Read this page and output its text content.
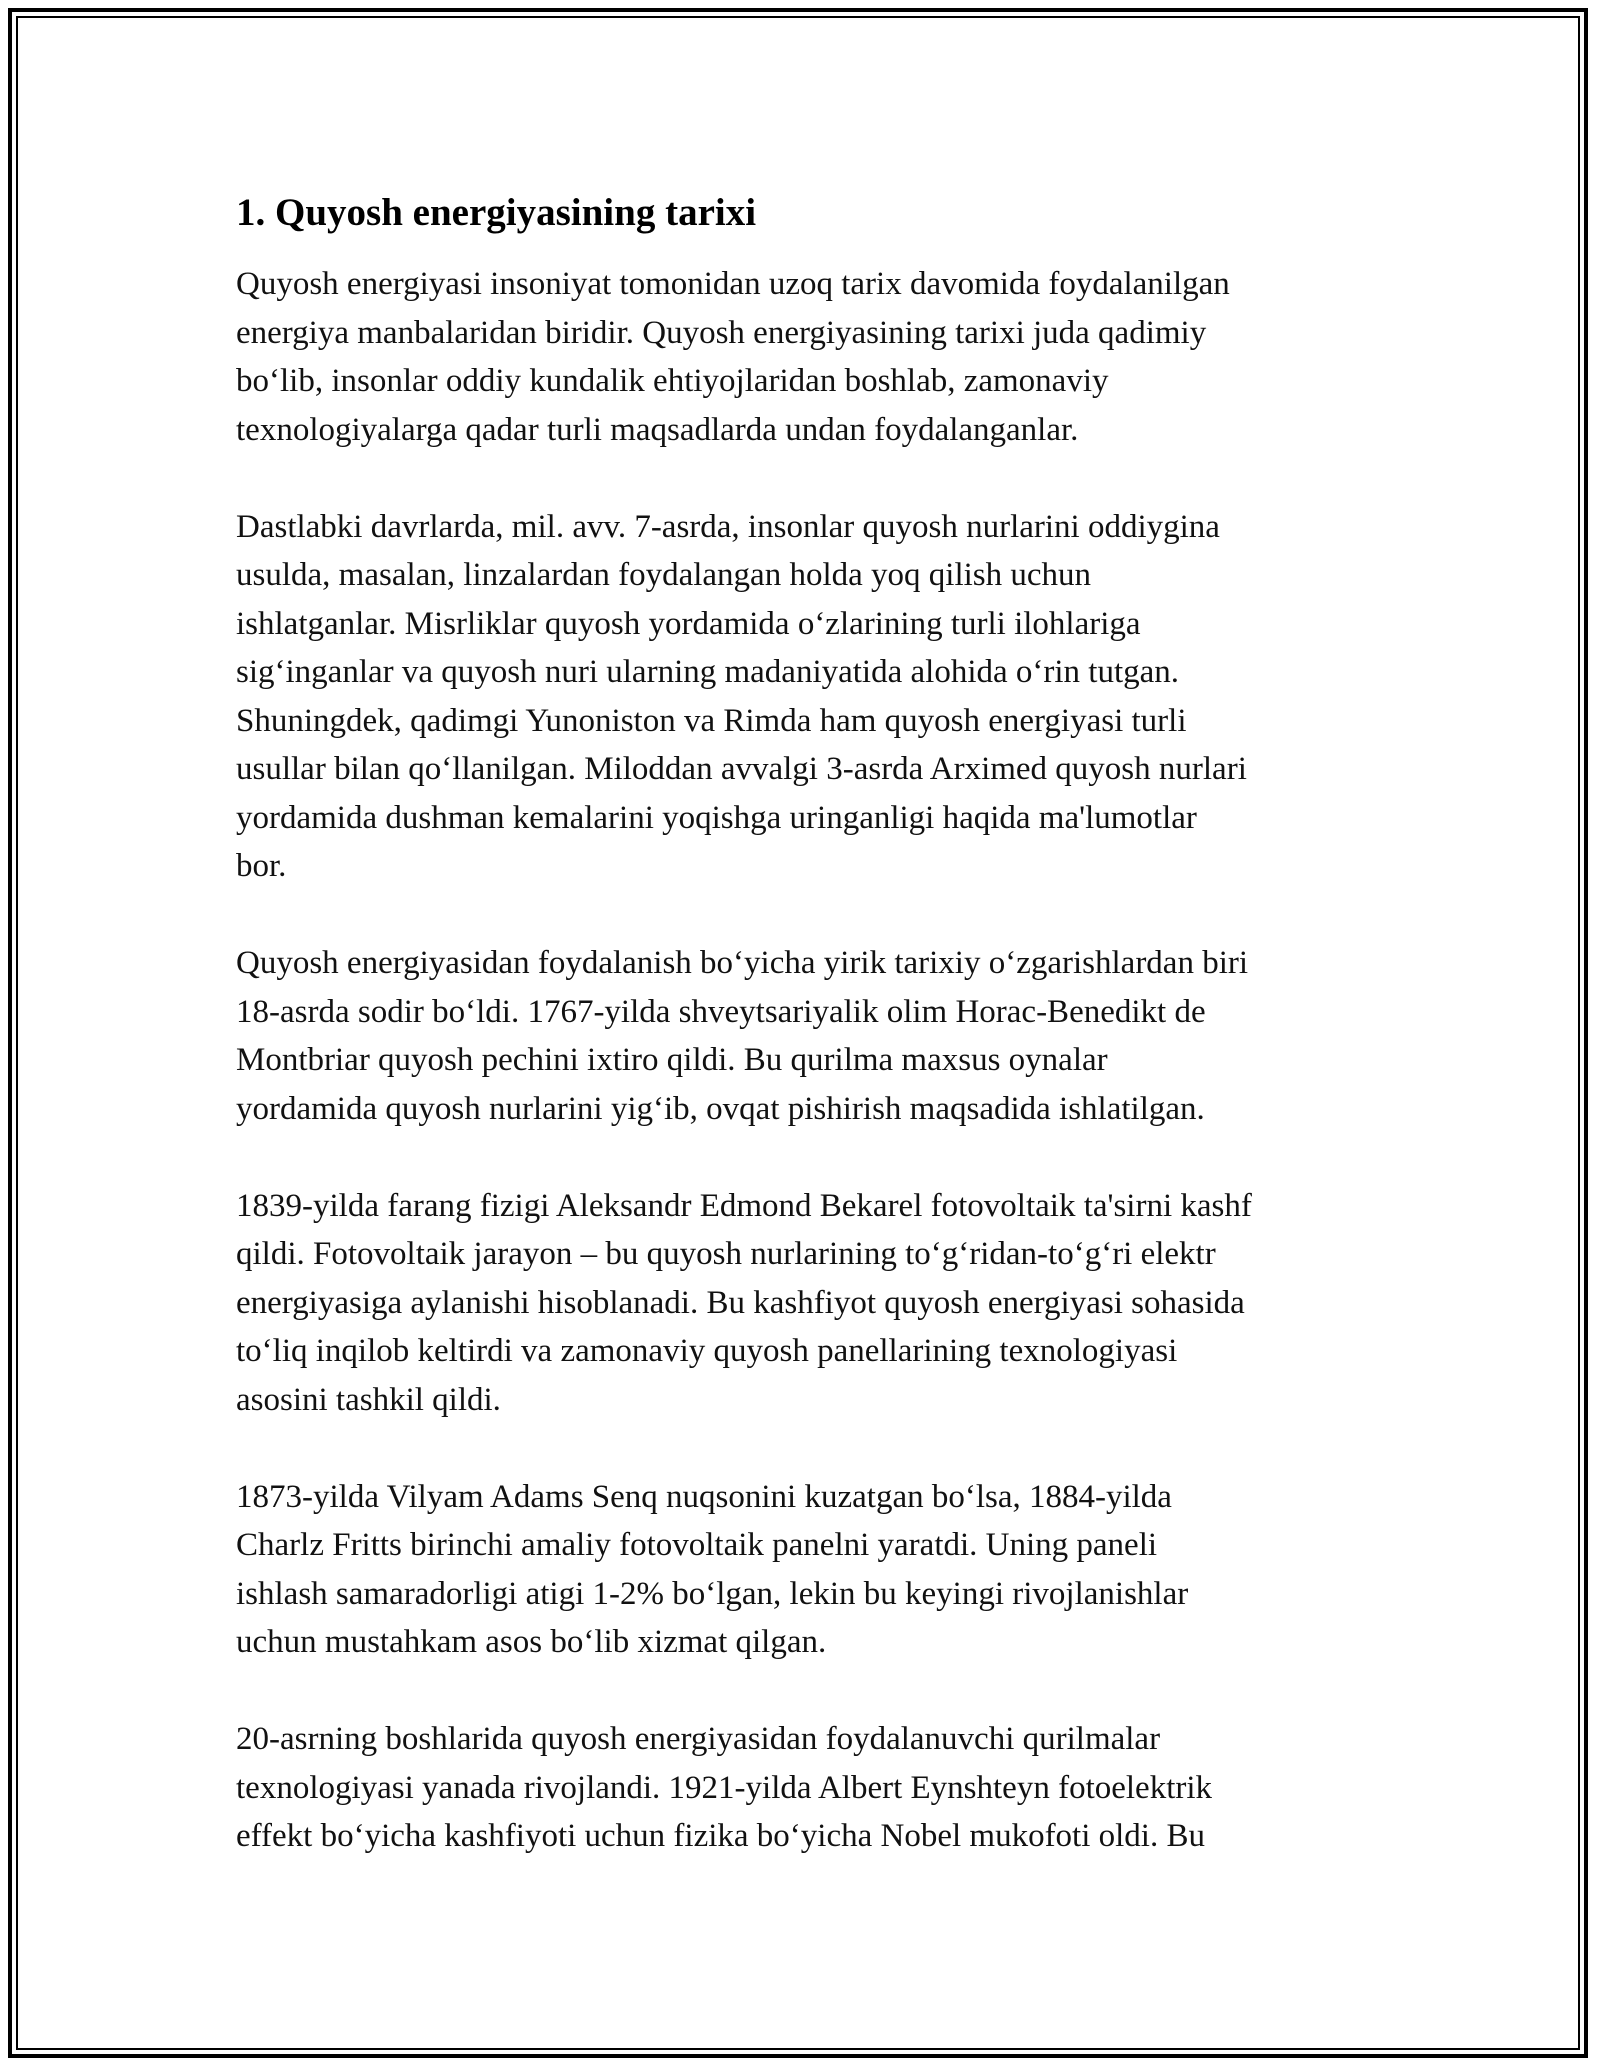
1. Quyosh energiyasining tarixi
Quyosh energiyasi insoniyat tomonidan uzoq tarix davomida foydalanilgan
energiya manbalaridan biridir. Quyosh energiyasining tarixi juda qadimiy
bo‘lib, insonlar oddiy kundalik ehtiyojlaridan boshlab, zamonaviy
texnologiyalarga qadar turli maqsadlarda undan foydalanganlar.
Dastlabki davrlarda, mil. avv. 7-asrda, insonlar quyosh nurlarini oddiygina
usulda, masalan, linzalardan foydalangan holda yoq qilish uchun
ishlatganlar. Misrliklar quyosh yordamida o‘zlarining turli ilohlariga
sig‘inganlar va quyosh nuri ularning madaniyatida alohida o‘rin tutgan.
Shuningdek, qadimgi Yunoniston va Rimda ham quyosh energiyasi turli
usullar bilan qo‘llanilgan. Miloddan avvalgi 3-asrda Arximed quyosh nurlari
yordamida dushman kemalarini yoqishga uringanligi haqida ma'lumotlar
bor.
Quyosh energiyasidan foydalanish bo‘yicha yirik tarixiy o‘zgarishlardan biri
18-asrda sodir bo‘ldi. 1767-yilda shveytsariyalik olim Horac-Benedikt de
Montbriar quyosh pechini ixtiro qildi. Bu qurilma maxsus oynalar
yordamida quyosh nurlarini yig‘ib, ovqat pishirish maqsadida ishlatilgan.
1839-yilda farang fizigi Aleksandr Edmond Bekarel fotovoltaik ta'sirni kashf
qildi. Fotovoltaik jarayon – bu quyosh nurlarining to‘g‘ridan-to‘g‘ri elektr
energiyasiga aylanishi hisoblanadi. Bu kashfiyot quyosh energiyasi sohasida
to‘liq inqilob keltirdi va zamonaviy quyosh panellarining texnologiyasi
asosini tashkil qildi.
1873-yilda Vilyam Adams Senq nuqsonini kuzatgan bo‘lsa, 1884-yilda
Charlz Fritts birinchi amaliy fotovoltaik panelni yaratdi. Uning paneli
ishlash samaradorligi atigi 1-2% bo‘lgan, lekin bu keyingi rivojlanishlar
uchun mustahkam asos bo‘lib xizmat qilgan.
20-asrning boshlarida quyosh energiyasidan foydalanuvchi qurilmalar
texnologiyasi yanada rivojlandi. 1921-yilda Albert Eynshteyn fotoelektrik
effekt bo‘yicha kashfiyoti uchun fizika bo‘yicha Nobel mukofoti oldi. Bu
